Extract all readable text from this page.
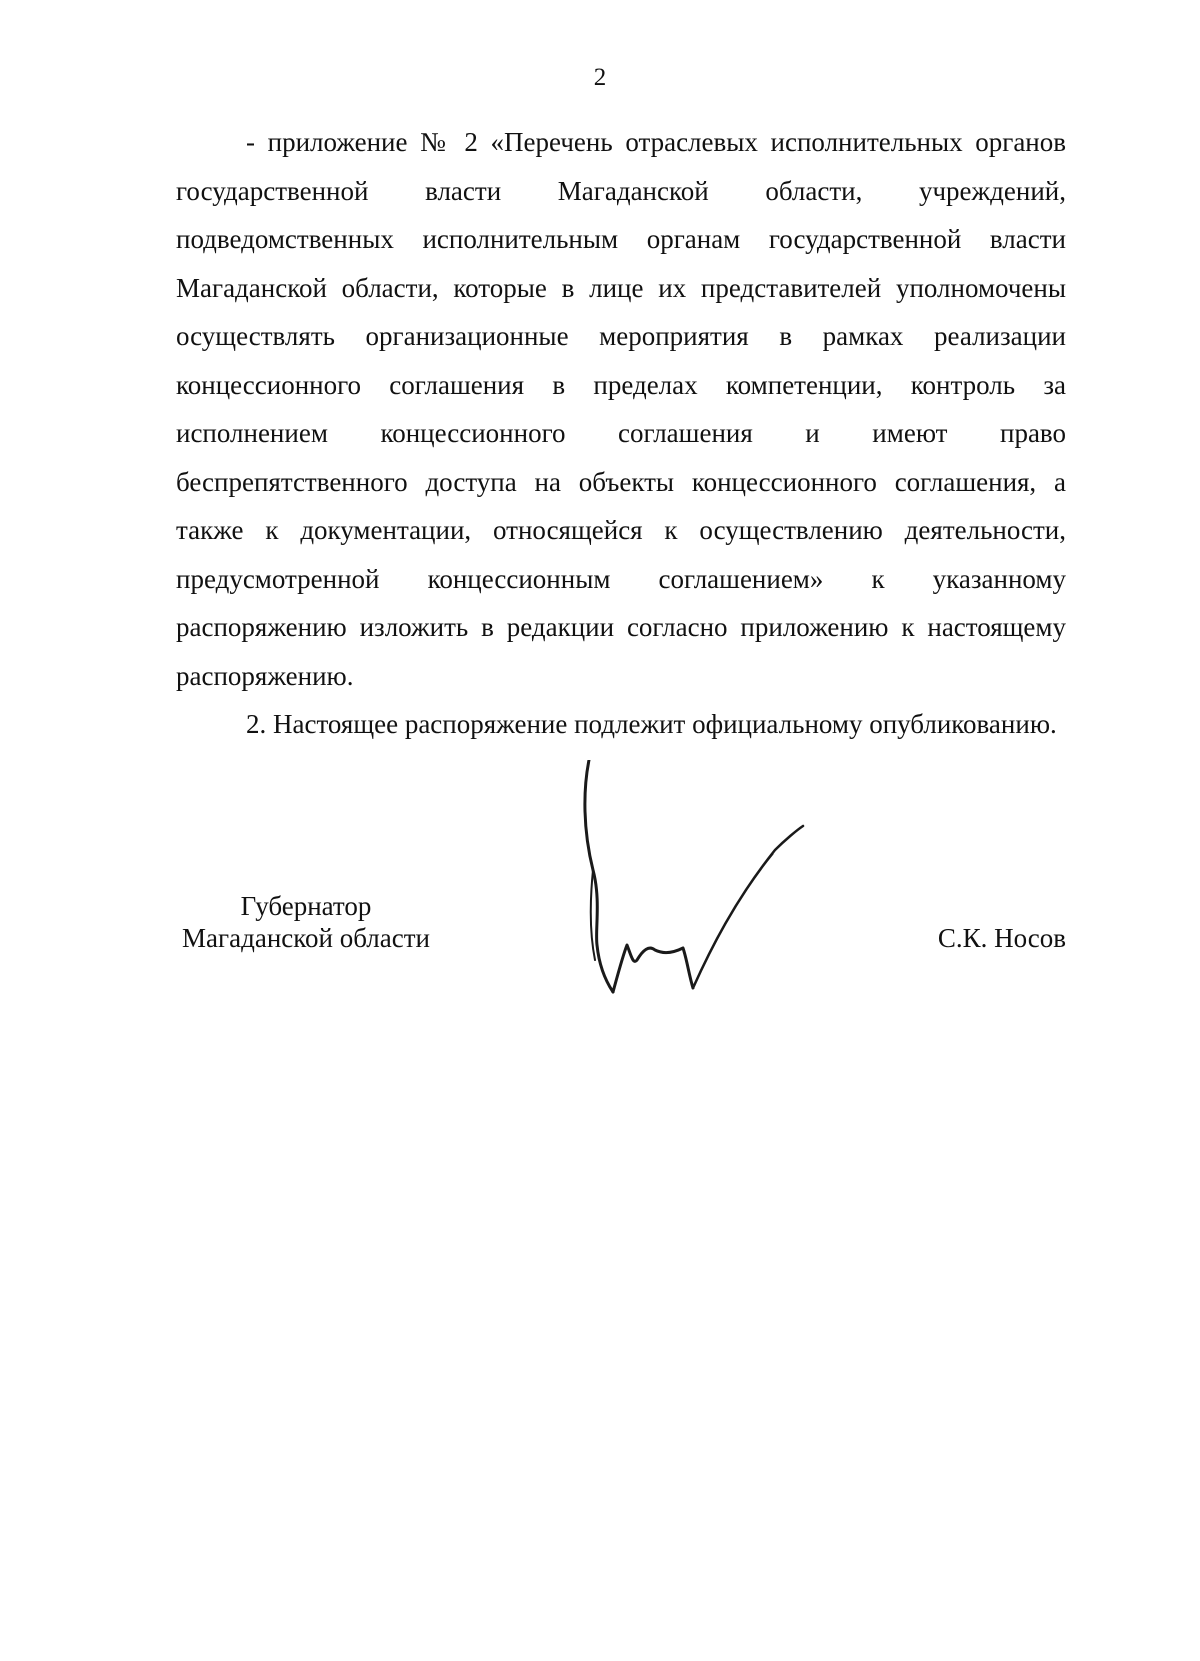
2

- приложение № 2 «Перечень отраслевых исполнительных органов государственной власти Магаданской области, учреждений, подведомственных исполнительным органам государственной власти Магаданской области, которые в лице их представителей уполномочены осуществлять организационные мероприятия в рамках реализации концессионного соглашения в пределах компетенции, контроль за исполнением концессионного соглашения и имеют право беспрепятственного доступа на объекты концессионного соглашения, а также к документации, относящейся к осуществлению деятельности, предусмотренной концессионным соглашением» к указанному распоряжению изложить в редакции согласно приложению к настоящему распоряжению.

2. Настоящее распоряжение подлежит официальному опубликованию.

Губернатор
Магаданской области	С.К. Носов
